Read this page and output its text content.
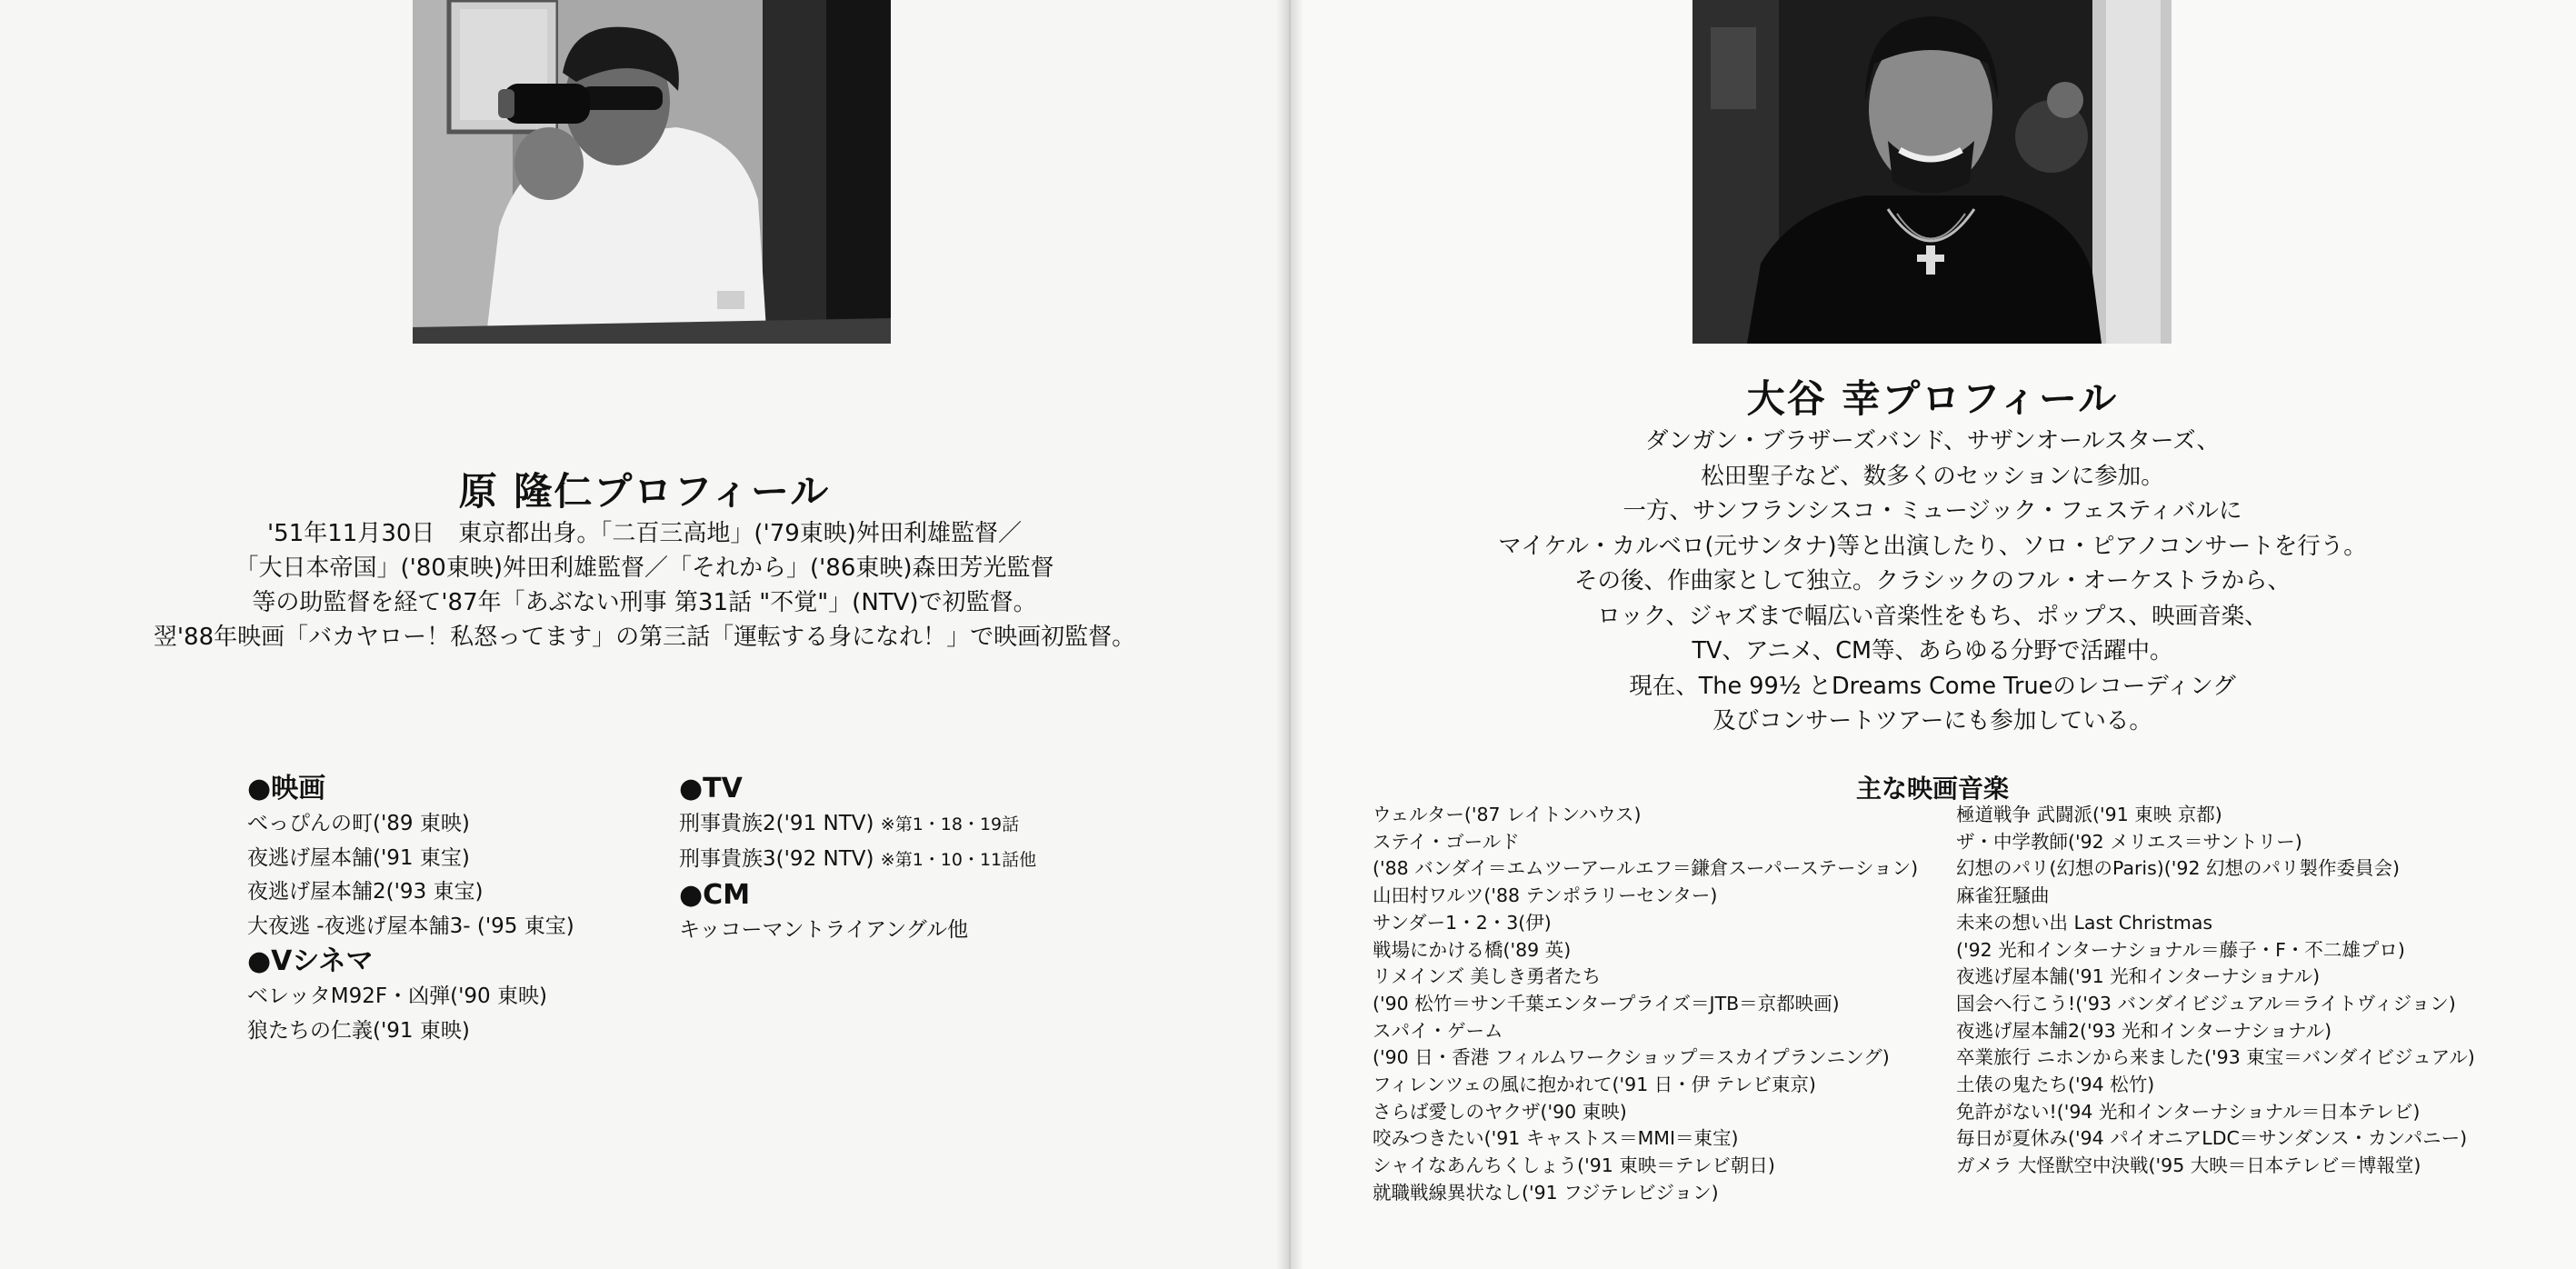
原 隆仁プロフィール

'51年11月30日　東京都出身。「二百三高地」('79東映)舛田利雄監督／
「大日本帝国」('80東映)舛田利雄監督／「それから」('86東映)森田芳光監督
等の助監督を経て'87年「あぶない刑事 第31話 "不覚"」(NTV)で初監督。
翌'88年映画「バカヤロー！私怒ってます」の第三話「運転する身になれ！」で映画初監督。

●映画
べっぴんの町('89 東映)
夜逃げ屋本舗('91 東宝)
夜逃げ屋本舗2('93 東宝)
大夜逃 -夜逃げ屋本舗3- ('95 東宝)
●Vシネマ
ベレッタM92F・凶弾('90 東映)
狼たちの仁義('91 東映)
●TV
刑事貴族2('91 NTV) ※第1・18・19話
刑事貴族3('92 NTV) ※第1・10・11話他
●CM
キッコーマントライアングル他
大谷 幸プロフィール

ダンガン・ブラザーズバンド、サザンオールスターズ、
松田聖子など、数多くのセッションに参加。
一方、サンフランシスコ・ミュージック・フェスティバルに
マイケル・カルベロ(元サンタナ)等と出演したり、ソロ・ピアノコンサートを行う。
その後、作曲家として独立。クラシックのフル・オーケストラから、
ロック、ジャズまで幅広い音楽性をもち、ポップス、映画音楽、
TV、アニメ、CM等、あらゆる分野で活躍中。
現在、The 99½ とDreams Come Trueのレコーディング
及びコンサートツアーにも参加している。

主な映画音楽
ウェルター('87 レイトンハウス)
ステイ・ゴールド
('88 バンダイ＝エムツーアールエフ＝鎌倉スーパーステーション)
山田村ワルツ('88 テンポラリーセンター)
サンダー1・2・3(伊)
戦場にかける橋('89 英)
リメインズ 美しき勇者たち
('90 松竹＝サン千葉エンタープライズ＝JTB＝京都映画)
スパイ・ゲーム
('90 日・香港 フィルムワークショップ＝スカイプランニング)
フィレンツェの風に抱かれて('91 日・伊 テレビ東京)
さらば愛しのヤクザ('90 東映)
咬みつきたい('91 キャストス＝MMI＝東宝)
シャイなあんちくしょう('91 東映＝テレビ朝日)
就職戦線異状なし('91 フジテレビジョン)
極道戦争 武闘派('91 東映 京都)
ザ・中学教師('92 メリエス＝サントリー)
幻想のパリ(幻想のParis)('92 幻想のパリ製作委員会)
麻雀狂騒曲
未来の想い出 Last Christmas
('92 光和インターナショナル＝藤子・F・不二雄プロ)
夜逃げ屋本舗('91 光和インターナショナル)
国会へ行こう!('93 バンダイビジュアル＝ライトヴィジョン)
夜逃げ屋本舗2('93 光和インターナショナル)
卒業旅行 ニホンから来ました('93 東宝＝バンダイビジュアル)
土俵の鬼たち('94 松竹)
免許がない!('94 光和インターナショナル＝日本テレビ)
毎日が夏休み('94 パイオニアLDC＝サンダンス・カンパニー)
ガメラ 大怪獣空中決戦('95 大映＝日本テレビ＝博報堂)
